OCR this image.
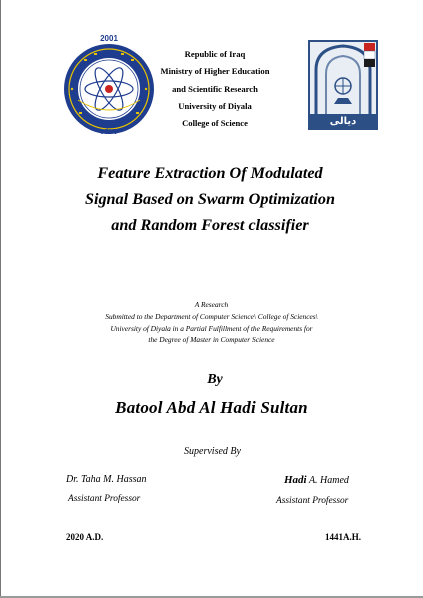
2001
١٤٢٢
ديالى
Republic of Iraq
Ministry of Higher Education
and Scientific Research
University of Diyala
College of Science
Feature Extraction Of Modulated
Signal Based on Swarm Optimization
and Random Forest classifier
A Research
Submitted to the Department of Computer Science\ College of Sciences\
University of Diyala in a Partial Fulfillment of the Requirements for
the Degree of Master in Computer Science
By
Batool Abd Al Hadi Sultan
Supervised By
Dr. Taha M. Hassan
Assistant Professor
Hadi A. Hamed
Assistant Professor
2020 A.D.	1441A.H.
